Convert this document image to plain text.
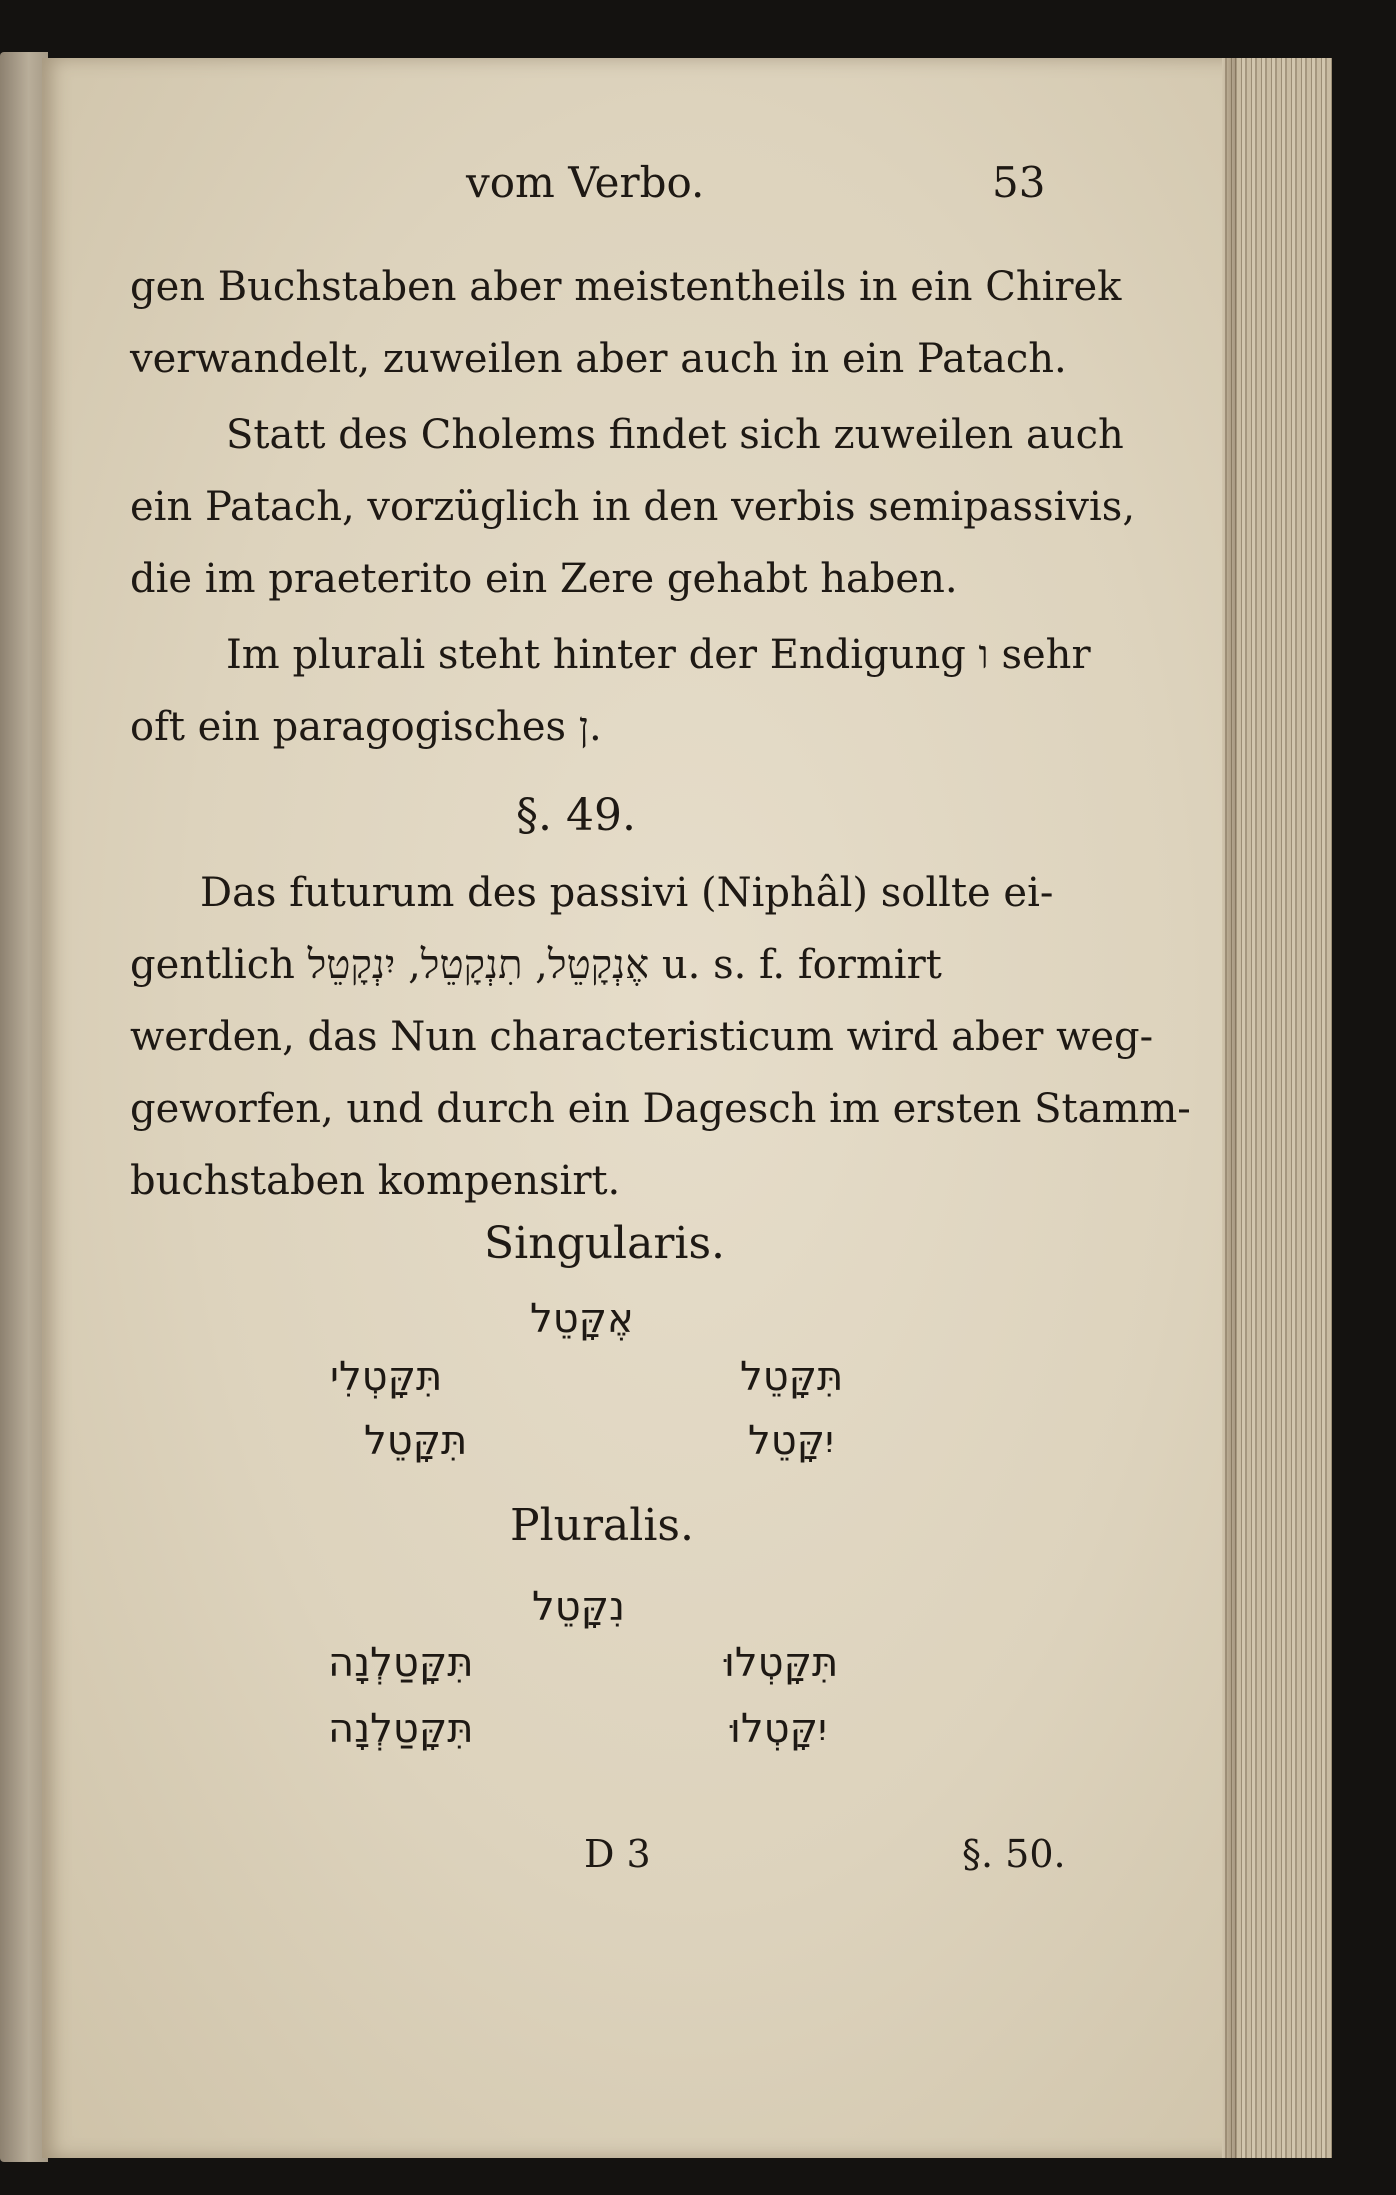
vom Verbo.	53
gen Buchstaben aber meistentheils in ein Chirek
verwandelt, zuweilen aber auch in ein Patach.
Statt des Cholems findet sich zuweilen auch
ein Patach, vorzüglich in den verbis semipassivis,
die im praeterito ein Zere gehabt haben.
Im plurali steht hinter der Endigung ו sehr
oft ein paragogisches ן.
§. 49.
Das futurum des passivi (Niphâl) sollte ei-
gentlich אֶנְקָטֵל, תִנְקָטֵל, יִנְקָטֵל u. s. f. formirt
werden, das Nun characteristicum wird aber weg-
geworfen, und durch ein Dagesch im ersten Stamm-
buchstaben kompensirt.
Singularis.
אֶקָּטֵל
תִּקָּטְלִי
תִּקָּטֵל
תִּקָּטֵל
יִקָּטֵל
Pluralis.
נִקָּטֵל
תִּקָּטַלְנָה
תִּקָּטַלְנָה
תִּקָּטְלוּ
יִקָּטְלוּ
D 3	§. 50.
